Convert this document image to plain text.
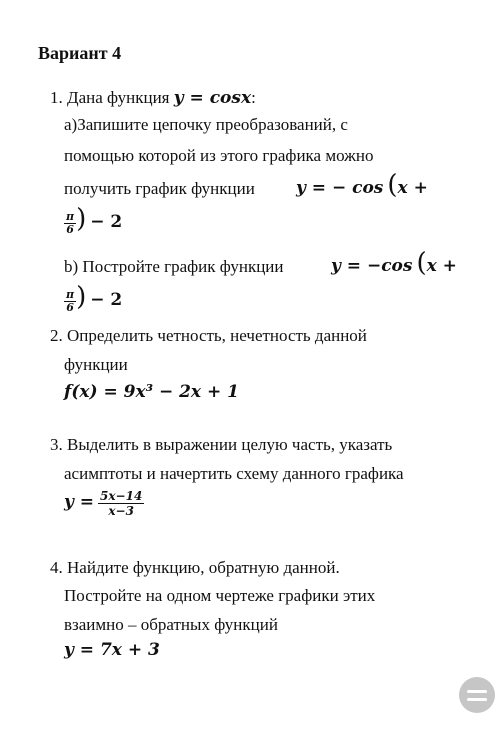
Вариант 4
1. Дана функция y = cosx:
а)Запишите цепочку преобразований, с
помощью которой из этого графика можно
получить график функции y = − cos (x +
$\frac{\pi}{6}$ ) − 2
b) Постройте график функции	y = −cos (x +
$\frac{\pi}{6}$ ) − 2
2. Определить четность, нечетность данной
функции
f(x) = 9x³ − 2x + 1
3. Выделить в выражении целую часть, указать
асимптоты и начертить схему данного графика
$y = \frac{5x-14}{x-3}$
4. Найдите функцию, обратную данной.
Постройте на одном чертеже графики этих
взаимно – обратных функций
y = 7x + 3
